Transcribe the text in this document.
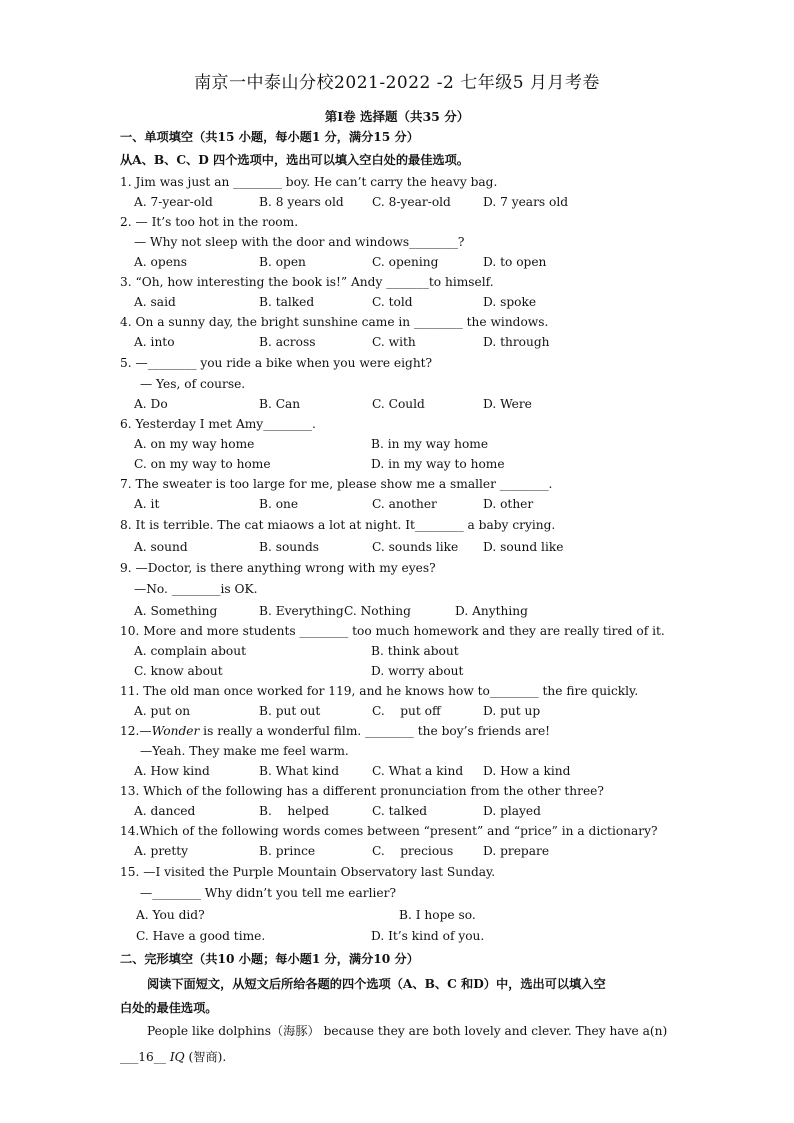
南京一中泰山分校2021-2022 -2 七年级5 月月考卷
第I卷 选择题（共35 分）
一、单项填空（共15 小题，每小题1 分，满分15 分）
从A、B、C、D 四个选项中，选出可以填入空白处的最佳选项。
1. Jim was just an ________ boy. He can’t carry the heavy bag.
A. 7-year-old	B. 8 years old C. 8-year-old	D. 7 years old
2. — It’s too hot in the room.
— Why not sleep with the door and windows________?
A. opens	B. open	C. opening	D. to open
3. “Oh, how interesting the book is!” Andy _______to himself.
A. said	B. talked	C. told	D. spoke
4. On a sunny day, the bright sunshine came in ________ the windows.
A. into	B. across	C. with	D. through
5. —________ you ride a bike when you were eight?
— Yes, of course.
A. Do	B. Can	C. Could	D. Were
6. Yesterday I met Amy________.
A. on my way home	B. in my way home
C. on my way to home	D. in my way to home
7. The sweater is too large for me, please show me a smaller ________.
A. it	B. one	C. another	D. other
8. It is terrible. The cat miaows a lot at night. It________ a baby crying.
A. sound	B. sounds	C. sounds like D. sound like
9. —Doctor, is there anything wrong with my eyes?
—No. ________is OK.
A. Something	B. Everything C. Nothing	D. Anything
10. More and more students ________ too much homework and they are really tired of it.
A. complain about	B. think about
C. know about	D. worry about
11. The old man once worked for 119, and he knows how to________ the fire quickly.
A. put on	B. put out	C.    put off	D. put up
12.—Wonder is really a wonderful film. ________ the boy’s friends are!
—Yeah. They make me feel warm.
A. How kind	B. What kind	C. What a kind D. How a kind
13. Which of the following has a different pronunciation from the other three?
A. danced	B.    helped	C. talked	D. played
14.Which of the following words comes between “present” and “price” in a dictionary?
A. pretty	B. prince	C.    precious D. prepare
15. —I visited the Purple Mountain Observatory last Sunday.
—________ Why didn’t you tell me earlier?
A. You did?	B. I hope so.
C. Have a good time.	D. It’s kind of you.
二、完形填空（共10 小题；每小题1 分，满分10 分）
阅读下面短文，从短文后所给各题的四个选项（A、B、C 和D）中，选出可以填入空
白处的最佳选项。
People like dolphins（海豚） because they are both lovely and clever. They have a(n)
___16__ IQ (智商).
